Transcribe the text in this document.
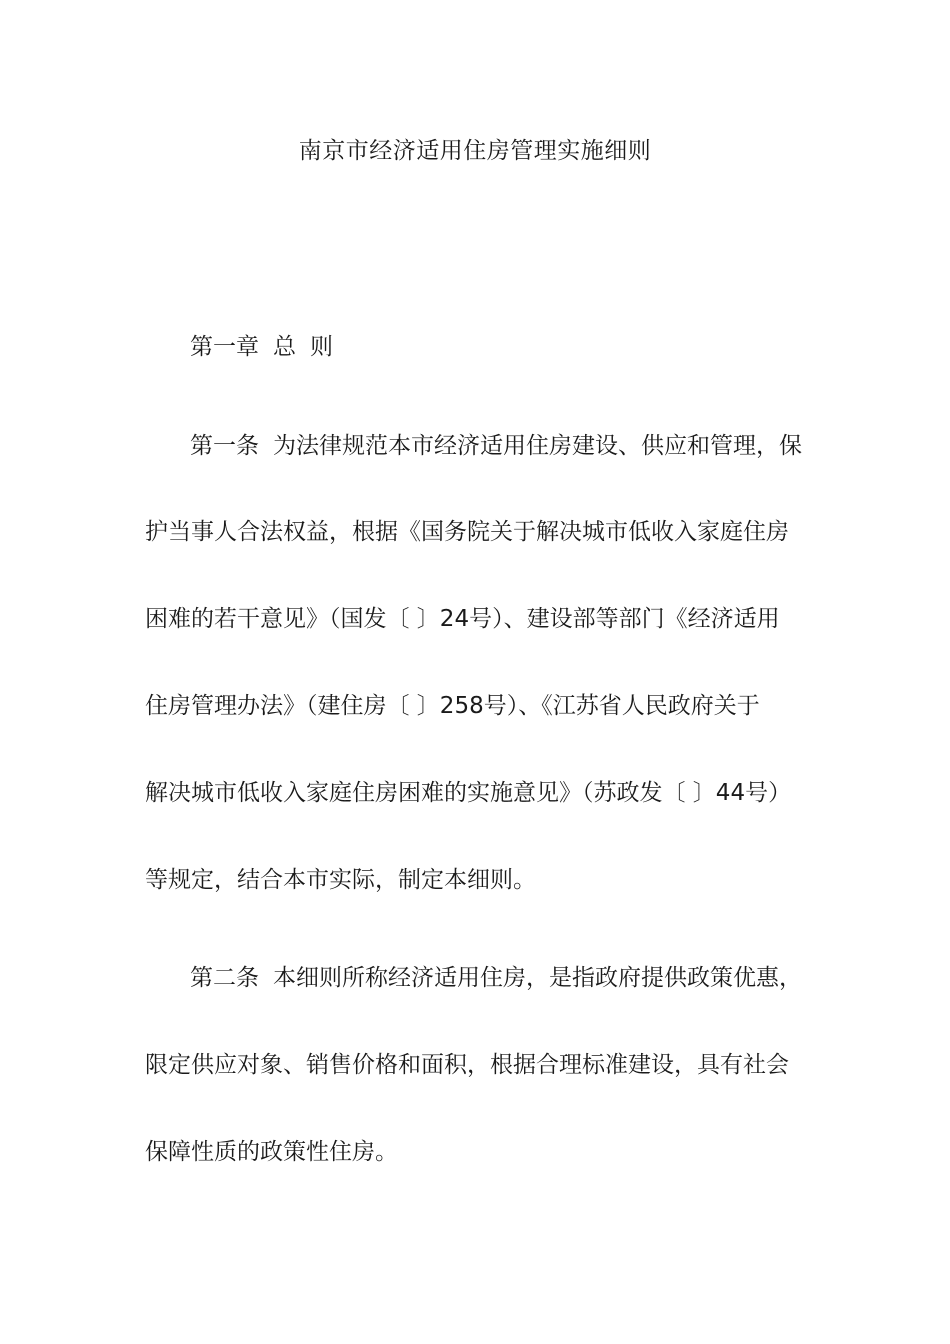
南京市经济适用住房管理实施细则
第一章 总 则
第一条 为法律规范本市经济适用住房建设、供应和管理，保
护当事人合法权益，根据《国务院关于解决城市低收入家庭住房
困难的若干意见》（国发〔 〕24号）、建设部等部门《经济适用
住房管理办法》（建住房〔 〕258号）、《江苏省人民政府关于
解决城市低收入家庭住房困难的实施意见》（苏政发〔 〕44号）
等规定，结合本市实际，制定本细则。
第二条 本细则所称经济适用住房，是指政府提供政策优惠，
限定供应对象、销售价格和面积，根据合理标准建设，具有社会
保障性质的政策性住房。
